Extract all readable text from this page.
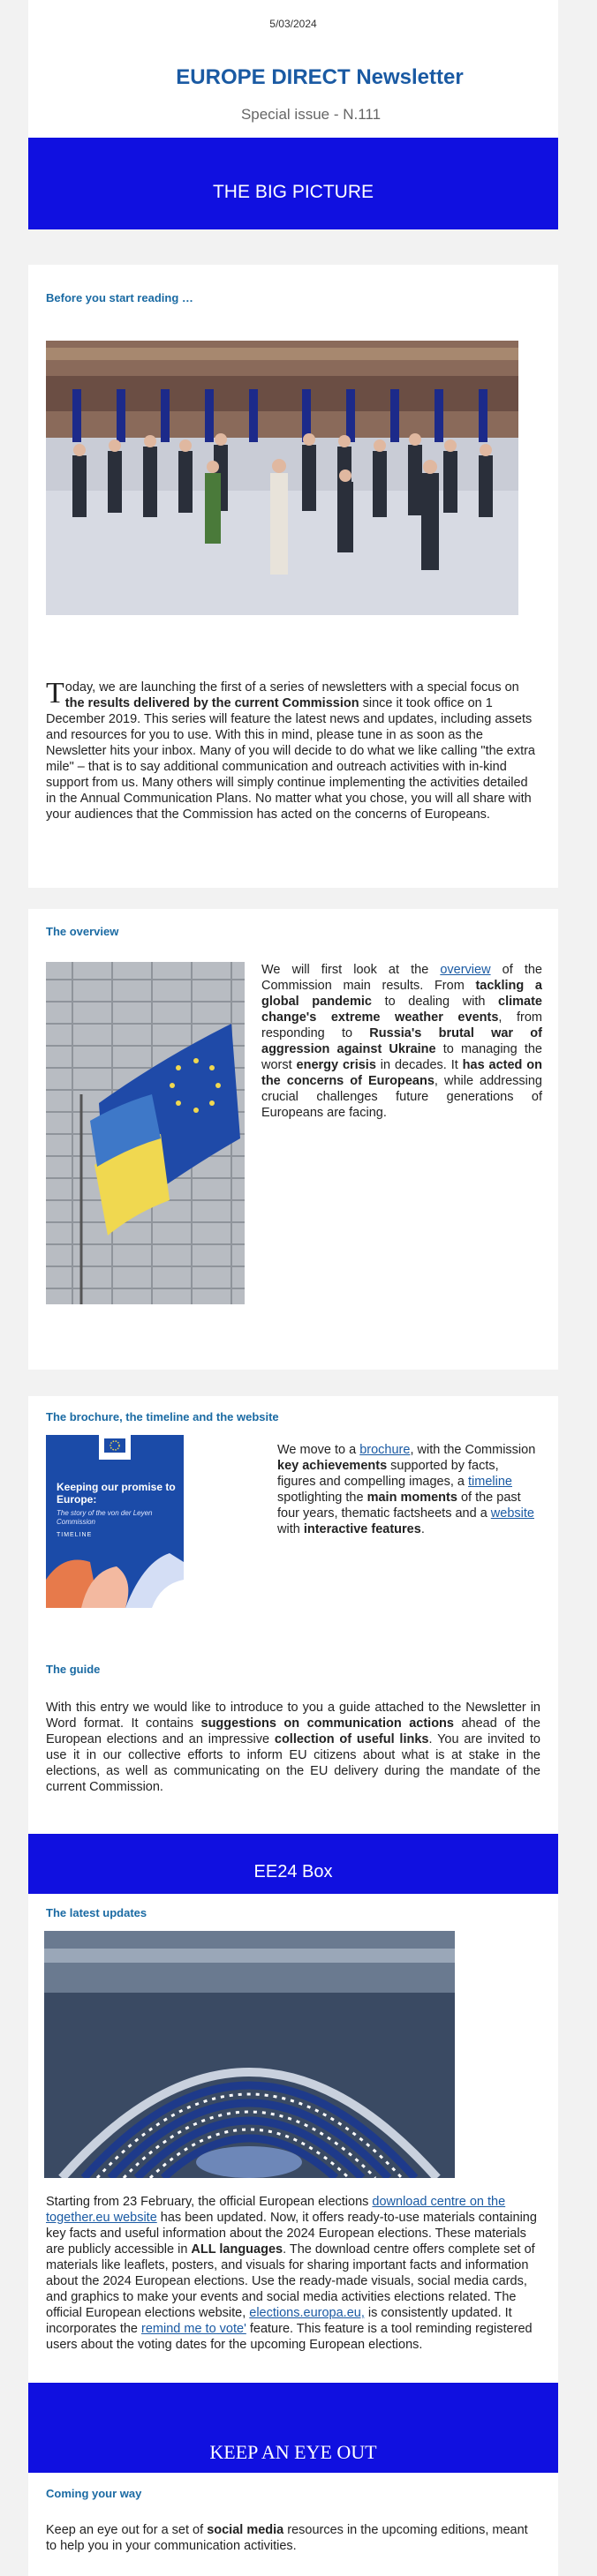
5/03/2024
EUROPE DIRECT Newsletter
Special issue - N.111
THE BIG PICTURE
Before you start reading …
Today, we are launching the first of a series of newsletters with a special focus on the results delivered by the current Commission since it took office on 1 December 2019. This series will feature the latest news and updates, including assets and resources for you to use. With this in mind, please tune in as soon as the Newsletter hits your inbox. Many of you will decide to do what we like calling "the extra mile" – that is to say additional communication and outreach activities with in-kind support from us. Many others will simply continue implementing the activities detailed in the Annual Communication Plans. No matter what you chose, you will all share with your audiences that the Commission has acted on the concerns of Europeans.
The overview
We will first look at the overview of the Commission main results. From tackling a global pandemic to dealing with climate change's extreme weather events, from responding to Russia's brutal war of aggression against Ukraine to managing the worst energy crisis in decades. It has acted on the concerns of Europeans, while addressing crucial challenges future generations of Europeans are facing.
The brochure, the timeline and the website
Keeping our promise to Europe:
The story of the von der Leyen Commission
TIMELINE
We move to a brochure, with the Commission key achievements supported by facts, figures and compelling images, a timeline spotlighting the main moments of the past four years, thematic factsheets and a website with interactive features.
The guide
With this entry we would like to introduce to you a guide attached to the Newsletter in Word format. It contains suggestions on communication actions ahead of the European elections and an impressive collection of useful links. You are invited to use it in our collective efforts to inform EU citizens about what is at stake in the elections, as well as communicating on the EU delivery during the mandate of the current Commission.
EE24 Box
The latest updates
Starting from 23 February, the official European elections download centre on the together.eu website has been updated. Now, it offers ready-to-use materials containing key facts and useful information about the 2024 European elections. These materials are publicly accessible in ALL languages. The download centre offers complete set of materials like leaflets, posters, and visuals for sharing important facts and information about the 2024 European elections. Use the ready-made visuals, social media cards, and graphics to make your events and social media activities elections related. The official European elections website, elections.europa.eu, is consistently updated. It incorporates the remind me to vote' feature. This feature is a tool reminding registered users about the voting dates for the upcoming European elections.
KEEP AN EYE OUT
Coming your way
Keep an eye out for a set of social media resources in the upcoming editions, meant to help you in your communication activities.
